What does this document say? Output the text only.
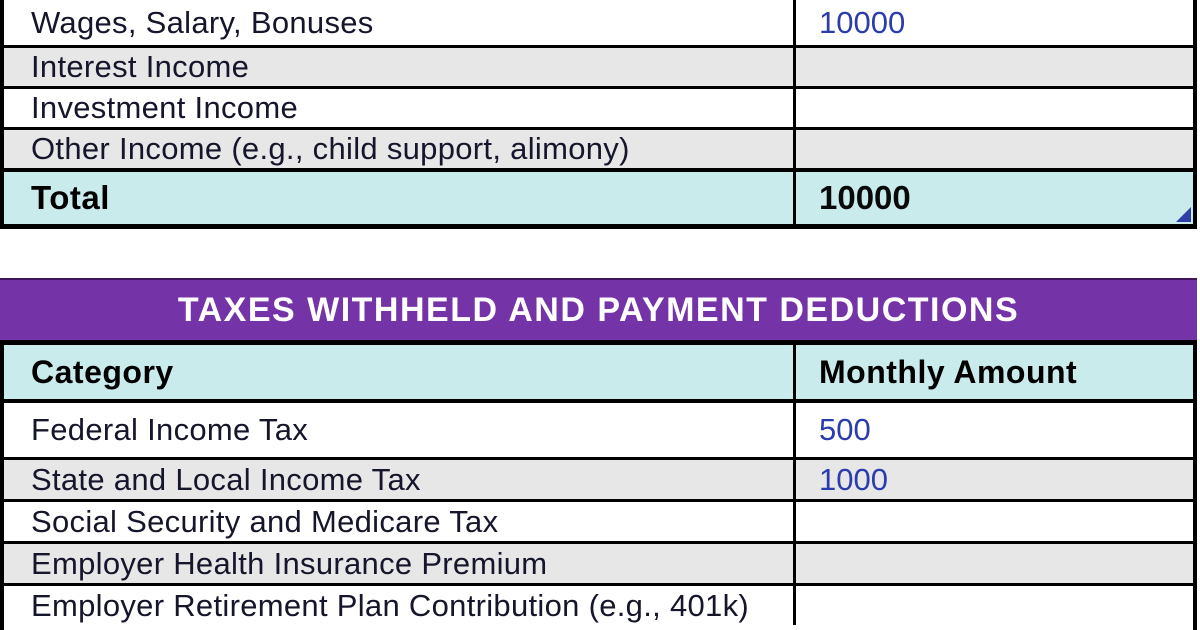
Wages, Salary, Bonuses	10000
Interest Income
Investment Income
Other Income (e.g., child support, alimony)
Total	10000
TAXES WITHHELD AND PAYMENT DEDUCTIONS
Category	Monthly Amount
Federal Income Tax	500
State and Local Income Tax	1000
Social Security and Medicare Tax
Employer Health Insurance Premium
Employer Retirement Plan Contribution (e.g., 401k)
